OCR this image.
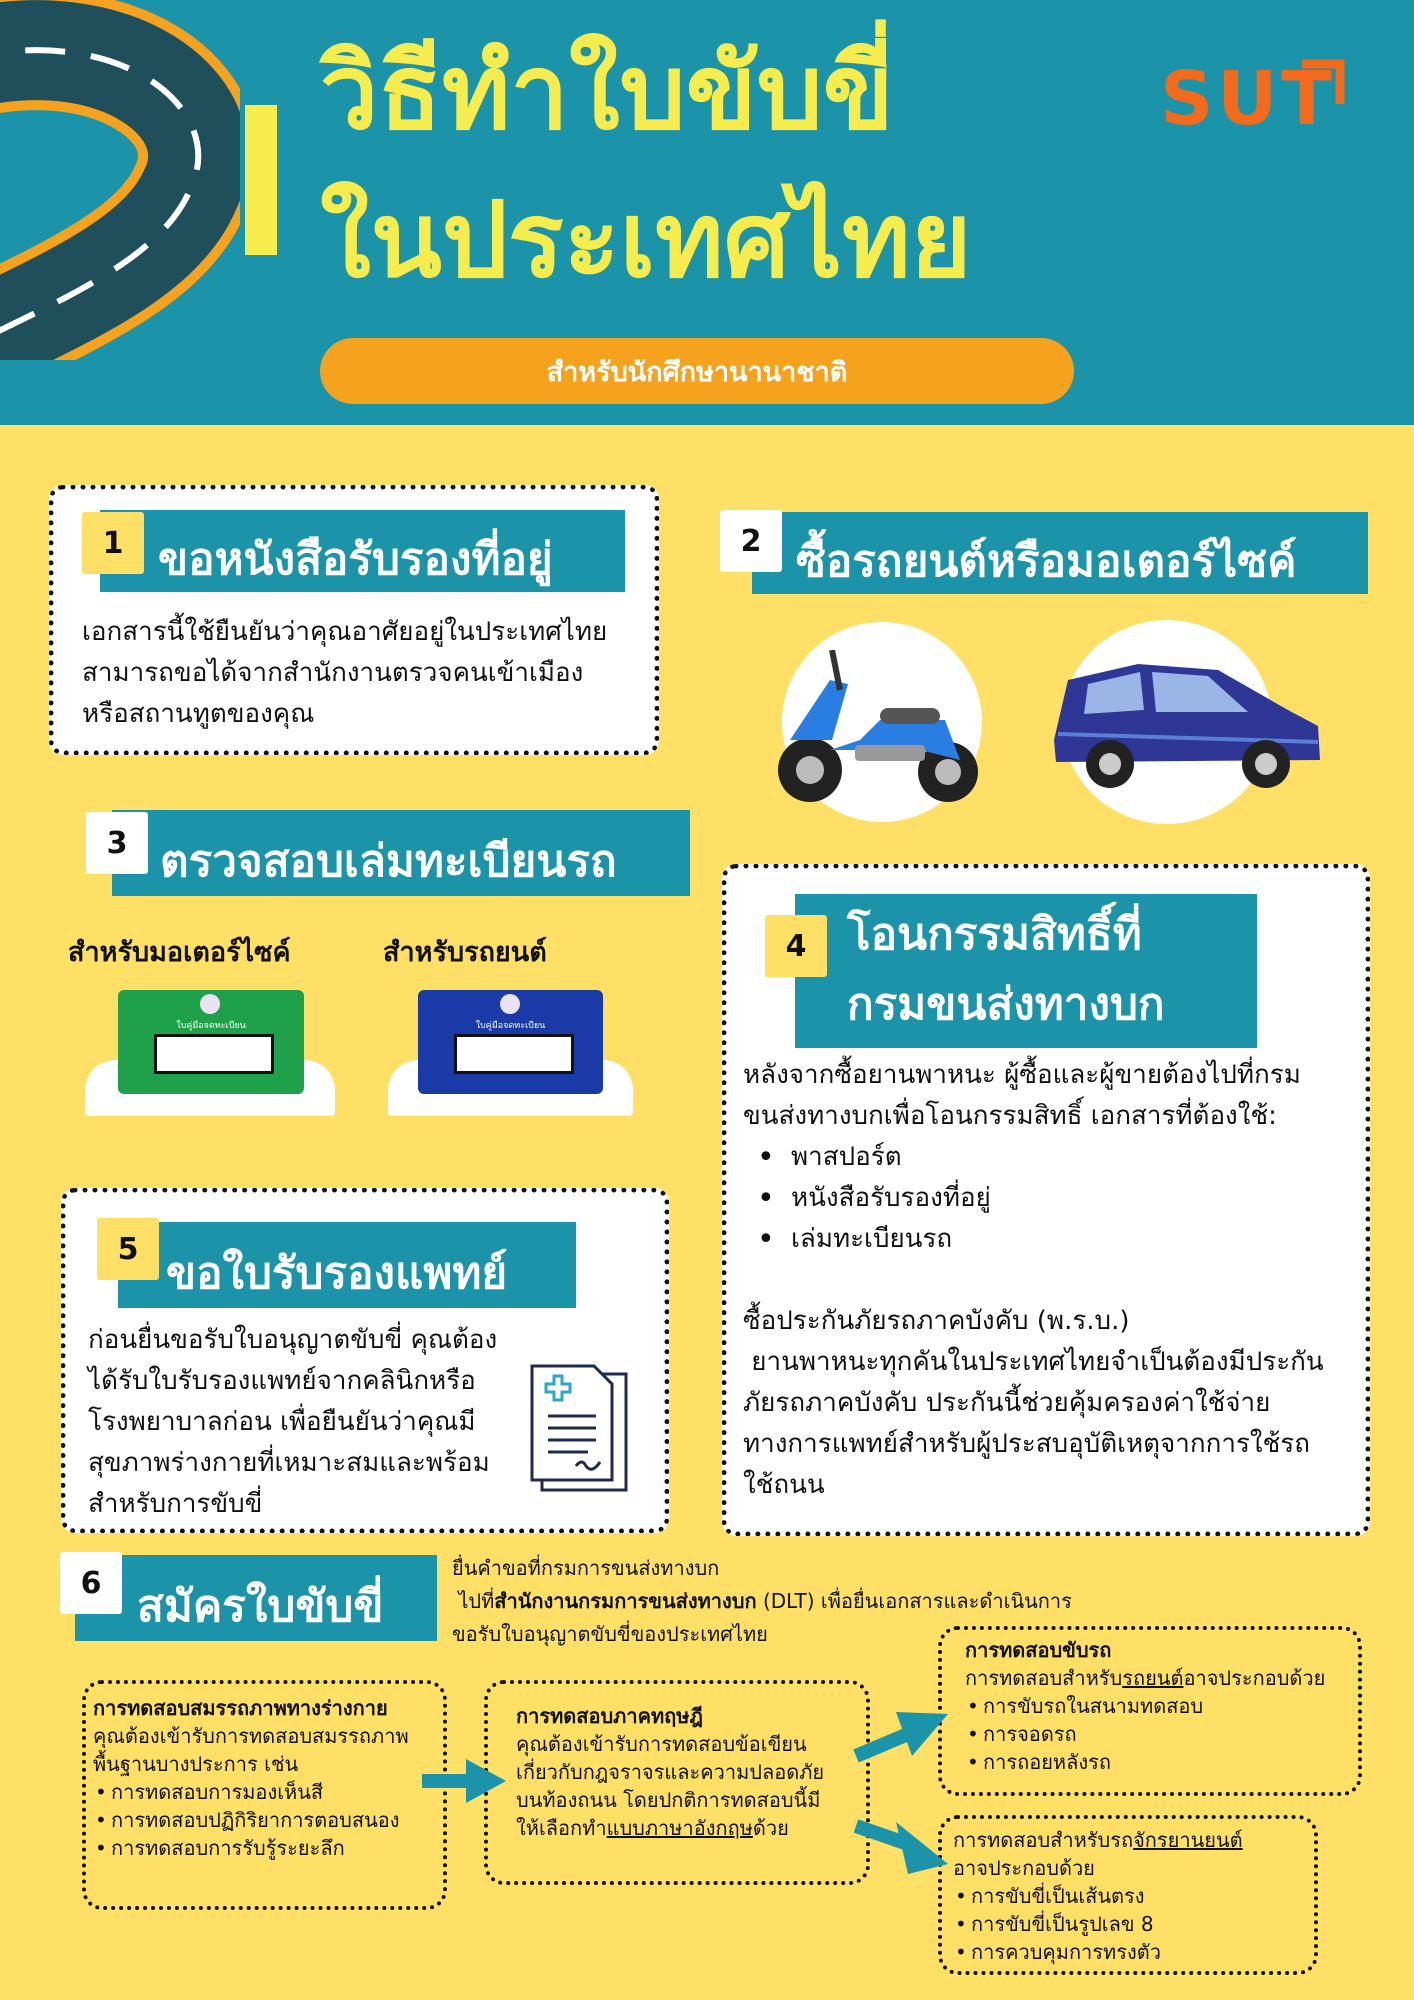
วิธีทำใบขับขี่
ในประเทศไทย
สำหรับนักศึกษานานาชาติ
SUT
ขอหนังสือรับรองที่อยู่
1
เอกสารนี้ใช้ยืนยันว่าคุณอาศัยอยู่ในประเทศไทย
สามารถขอได้จากสำนักงานตรวจคนเข้าเมือง
หรือสถานทูตของคุณ
ซื้อรถยนต์หรือมอเตอร์ไซค์
2
ตรวจสอบเล่มทะเบียนรถ
3
สำหรับมอเตอร์ไซค์	สำหรับรถยนต์
ใบคู่มือจดทะเบียน	ใบคู่มือจดทะเบียน
โอนกรรมสิทธิ์ที่
กรมขนส่งทางบก
4
หลังจากซื้อยานพาหนะ ผู้ซื้อและผู้ขายต้องไปที่กรม
ขนส่งทางบกเพื่อโอนกรรมสิทธิ์ เอกสารที่ต้องใช้:
• พาสปอร์ต
• หนังสือรับรองที่อยู่
• เล่มทะเบียนรถ
ซื้อประกันภัยรถภาคบังคับ (พ.ร.บ.)
ยานพาหนะทุกคันในประเทศไทยจำเป็นต้องมีประกัน
ภัยรถภาคบังคับ ประกันนี้ช่วยคุ้มครองค่าใช้จ่าย
ทางการแพทย์สำหรับผู้ประสบอุบัติเหตุจากการใช้รถ
ใช้ถนน
ขอใบรับรองแพทย์
5
ก่อนยื่นขอรับใบอนุญาตขับขี่ คุณต้อง
ได้รับใบรับรองแพทย์จากคลินิกหรือ
โรงพยาบาลก่อน เพื่อยืนยันว่าคุณมี
สุขภาพร่างกายที่เหมาะสมและพร้อม
สำหรับการขับขี่
สมัครใบขับขี่
6	ยื่นคำขอที่กรมการขนส่งทางบก
ไปที่สำนักงานกรมการขนส่งทางบก (DLT) เพื่อยื่นเอกสารและดำเนินการ
ขอรับใบอนุญาตขับขี่ของประเทศไทย
การทดสอบสมรรถภาพทางร่างกาย
คุณต้องเข้ารับการทดสอบสมรรถภาพ
พื้นฐานบางประการ เช่น
• การทดสอบการมองเห็นสี
• การทดสอบปฏิกิริยาการตอบสนอง
• การทดสอบการรับรู้ระยะลึก
การทดสอบภาคทฤษฎี
คุณต้องเข้ารับการทดสอบข้อเขียน
เกี่ยวกับกฎจราจรและความปลอดภัย
บนท้องถนน โดยปกติการทดสอบนี้มี
ให้เลือกทำแบบภาษาอังกฤษด้วย
การทดสอบขับรถ
การทดสอบสำหรับรถยนต์อาจประกอบด้วย
• การขับรถในสนามทดสอบ
• การจอดรถ
• การถอยหลังรถ
การทดสอบสำหรับรถจักรยานยนต์
อาจประกอบด้วย
• การขับขี่เป็นเส้นตรง
• การขับขี่เป็นรูปเลข 8
• การควบคุมการทรงตัว
